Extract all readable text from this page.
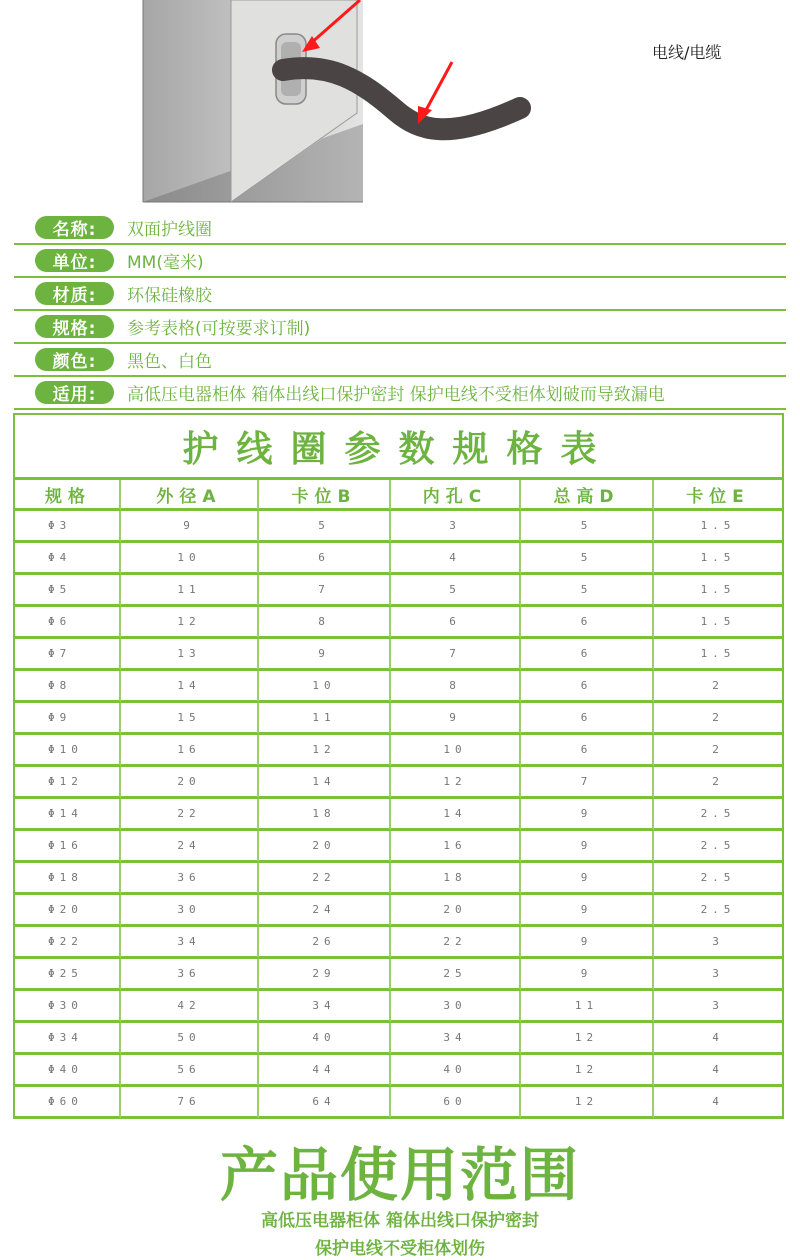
电线/电缆
名称:	双面护线圈
单位:	MM(毫米)
材质:	环保硅橡胶
规格:	参考表格(可按要求订制)
颜色:	黑色、白色
适用:	高低压电器柜体 箱体出线口保护密封 保护电线不受柜体划破而导致漏电
护线圈参数规格表
规格	外径A	卡位B	内孔C	总高D	卡位E
Φ3	9	5	3	5	1.5
Φ4	10	6	4	5	1.5
Φ5	11	7	5	5	1.5
Φ6	12	8	6	6	1.5
Φ7	13	9	7	6	1.5
Φ8	14	10	8	6	2
Φ9	15	11	9	6	2
Φ10	16	12	10	6	2
Φ12	20	14	12	7	2
Φ14	22	18	14	9	2.5
Φ16	24	20	16	9	2.5
Φ18	36	22	18	9	2.5
Φ20	30	24	20	9	2.5
Φ22	34	26	22	9	3
Φ25	36	29	25	9	3
Φ30	42	34	30	11	3
Φ34	50	40	34	12	4
Φ40	56	44	40	12	4
Φ60	76	64	60	12	4
产品使用范围
高低压电器柜体 箱体出线口保护密封
保护电线不受柜体划伤
